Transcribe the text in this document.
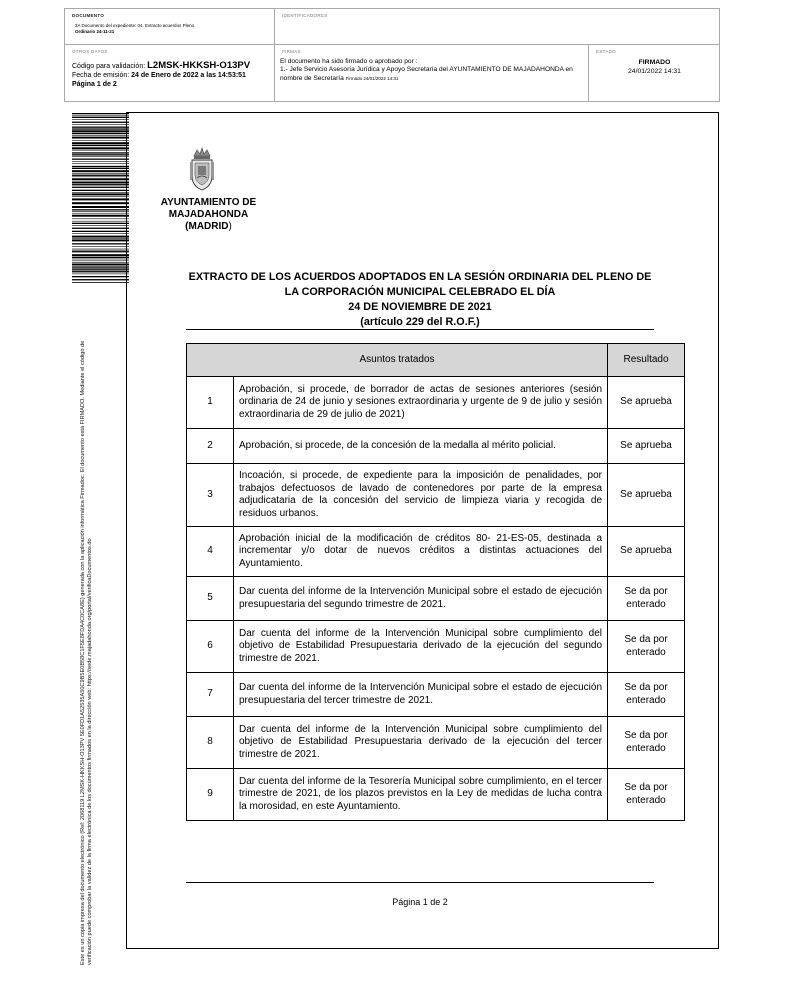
DOCUMENTO
3A Documento del expediente: 04. Extracto acuerdos Pleno
Ordinario 24-11-21
IDENTIFICADORES
OTROS DATOS
Código para validación: L2MSK-HKKSH-O13PV
Fecha de emisión: 24 de Enero de 2022 a las 14:53:51
Página 1 de 2
FIRMAS
El documento ha sido firmado o aprobado por :
1.- Jefe Servicio Asesoría Jurídica y Apoyo Secretaría del AYUNTAMIENTO DE MAJADAHONDA en
nombre de Secretaría Firmado 24/01/2022 14:31
ESTADO
FIRMADO
24/01/2022 14:31
Este es un copia impresa del documento electrónico (Ref: 2068119 L2MSK-HKKSH-O13PV 5E0FD1A52535A50C9B5E0B58C1F5E8FDA4C0CA8E) generada con la aplicación informática Firmadoc. El documento está FIRMADO. Mediante el código de
verificación puede comprobar la validez de la firma electrónica de los documentos firmados en la dirección web: https://sede.majadahonda.org/portal/verificaDocumentos.do
AYUNTAMIENTO DE
MAJADAHONDA
(MADRID)
EXTRACTO DE LOS ACUERDOS ADOPTADOS EN LA SESIÓN ORDINARIA DEL PLENO DE
LA CORPORACIÓN MUNICIPAL CELEBRADO EL DÍA
24 DE NOVIEMBRE DE 2021
(artículo 229 del R.O.F.)
Asuntos tratados		Resultado
1	Aprobación, si procede, de borrador de actas de sesiones anteriores (sesión ordinaria de 24 de junio y sesiones extraordinaria y urgente de 9 de julio y sesión extraordinaria de 29 de julio de 2021)	Se aprueba
2	Aprobación, si procede, de la concesión de la medalla al mérito policial.	Se aprueba
3	Incoación, si procede, de expediente para la imposición de penalidades, por trabajos defectuosos de lavado de contenedores por parte de la empresa adjudicataria de la concesión del servicio de limpieza viaria y recogida de residuos urbanos.	Se aprueba
4	Aprobación inicial de la modificación de créditos 80- 21-ES-05, destinada a incrementar y/o dotar de nuevos créditos a distintas actuaciones del Ayuntamiento.	Se aprueba
5	Dar cuenta del informe de la Intervención Municipal sobre el estado de ejecución presupuestaria del segundo trimestre de 2021.	Se da por enterado
6	Dar cuenta del informe de la Intervención Municipal sobre cumplimiento del objetivo de Estabilidad Presupuestaria derivado de la ejecución del segundo trimestre de 2021.	Se da por enterado
7	Dar cuenta del informe de la Intervención Municipal sobre el estado de ejecución presupuestaria del tercer trimestre de 2021.	Se da por enterado
8	Dar cuenta del informe de la Intervención Municipal sobre cumplimiento del objetivo de Estabilidad Presupuestaria derivado de la ejecución del tercer trimestre de 2021.	Se da por enterado
9	Dar cuenta del informe de la Tesorería Municipal sobre cumplimiento, en el tercer trimestre de 2021, de los plazos previstos en la Ley de medidas de lucha contra la morosidad, en este Ayuntamiento.	Se da por enterado
Página 1 de 2
